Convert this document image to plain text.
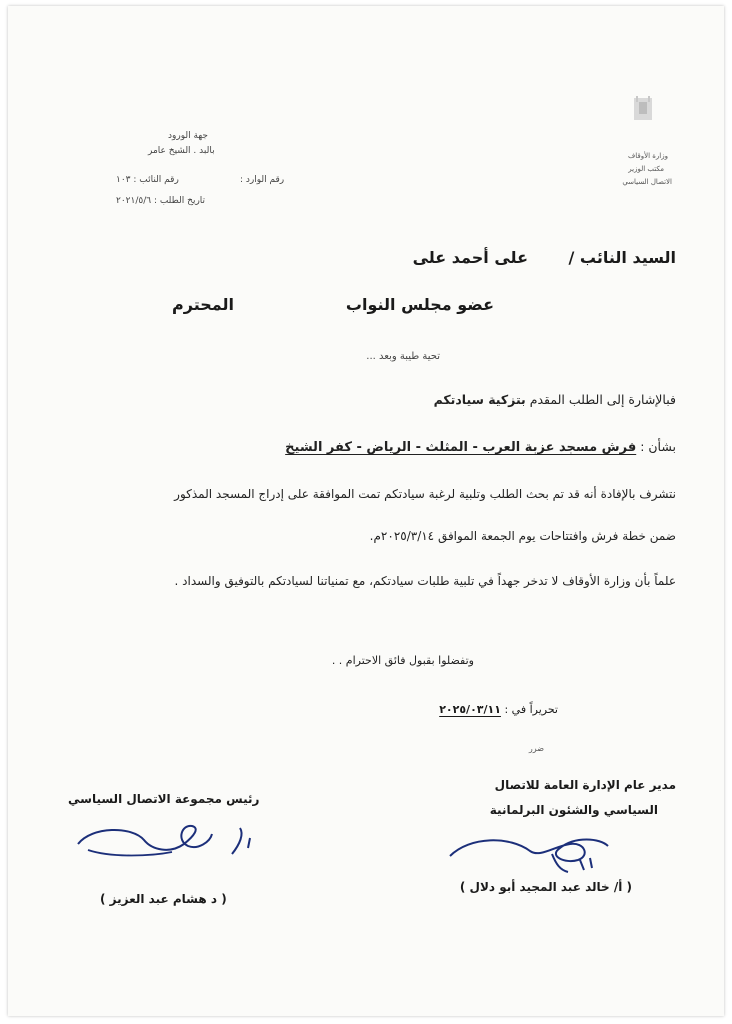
وزارة الأوقاف
مكتب الوزير
الاتصال السياسي
جهة الورود
بالبد . الشيخ عامر
رقم الوارد :
رقم النائب : ١٠٣
تاريخ الطلب : ٢٠٢١/٥/٦
السيد النائب /
على أحمد على
عضو مجلس النواب
المحترم
تحية طيبة وبعد ...
فبالإشارة إلى الطلب المقدم بتزكية سيادتكم
بشأن : فرش مسجد عزبة العرب - المثلث - الرياض - كفر الشيخ
نتشرف بالإفادة أنه قد تم بحث الطلب وتلبية لرغبة سيادتكم تمت الموافقة على إدراج المسجد المذكور
ضمن خطة فرش وافتتاحات يوم الجمعة الموافق ٢٠٢٥/٣/١٤م.
علماً بأن وزارة الأوقاف لا تدخر جهداً في تلبية طلبات سيادتكم، مع تمنياتنا لسيادتكم بالتوفيق والسداد .
وتفضلوا بقبول فائق الاحترام . .
تحريراً في : ٢٠٢٥/٠٣/١١
ضرر
مدير عام الإدارة العامة للاتصال
السياسي والشئون البرلمانية
( أ/ خالد عبد المجيد أبو دلال )
رئيس مجموعة الاتصال السياسي
( د هشام عبد العزيز )
